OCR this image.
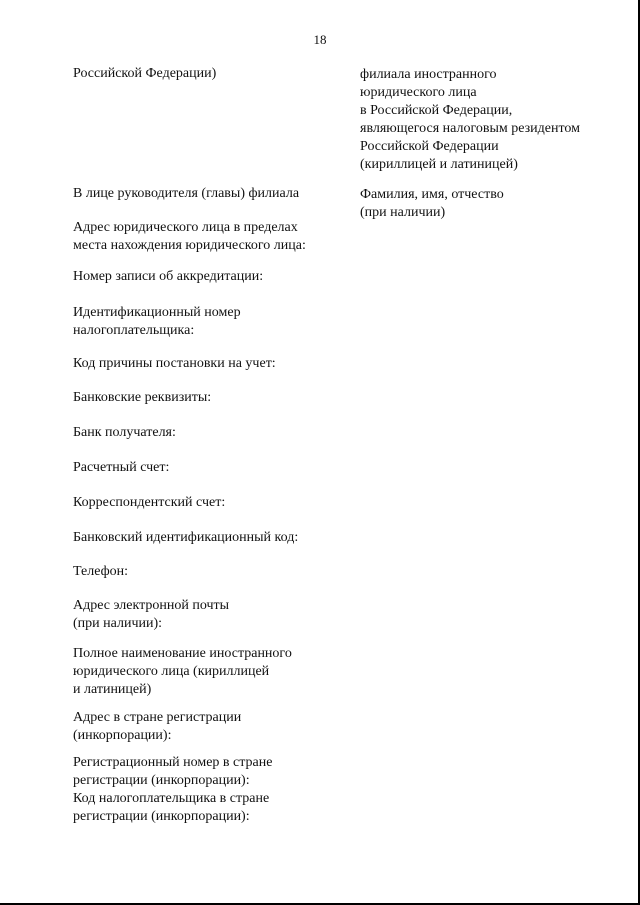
18
филиала иностранного
юридического лица
в Российской Федерации,
являющегося налоговым резидентом
Российской Федерации
(кириллицей и латиницей)
Фамилия, имя, отчество
(при наличии)
Российской Федерации)
В лице руководителя (главы) филиала
Адрес юридического лица в пределах
места нахождения юридического лица:
Номер записи об аккредитации:
Идентификационный номер
налогоплательщика:
Код причины постановки на учет:
Банковские реквизиты:
Банк получателя:
Расчетный счет:
Корреспондентский счет:
Банковский идентификационный код:
Телефон:
Адрес электронной почты
(при наличии):
Полное наименование иностранного
юридического лица (кириллицей
и латиницей)
Адрес в стране регистрации
(инкорпорации):
Регистрационный номер в стране
регистрации (инкорпорации):
Код налогоплательщика в стране
регистрации (инкорпорации):
